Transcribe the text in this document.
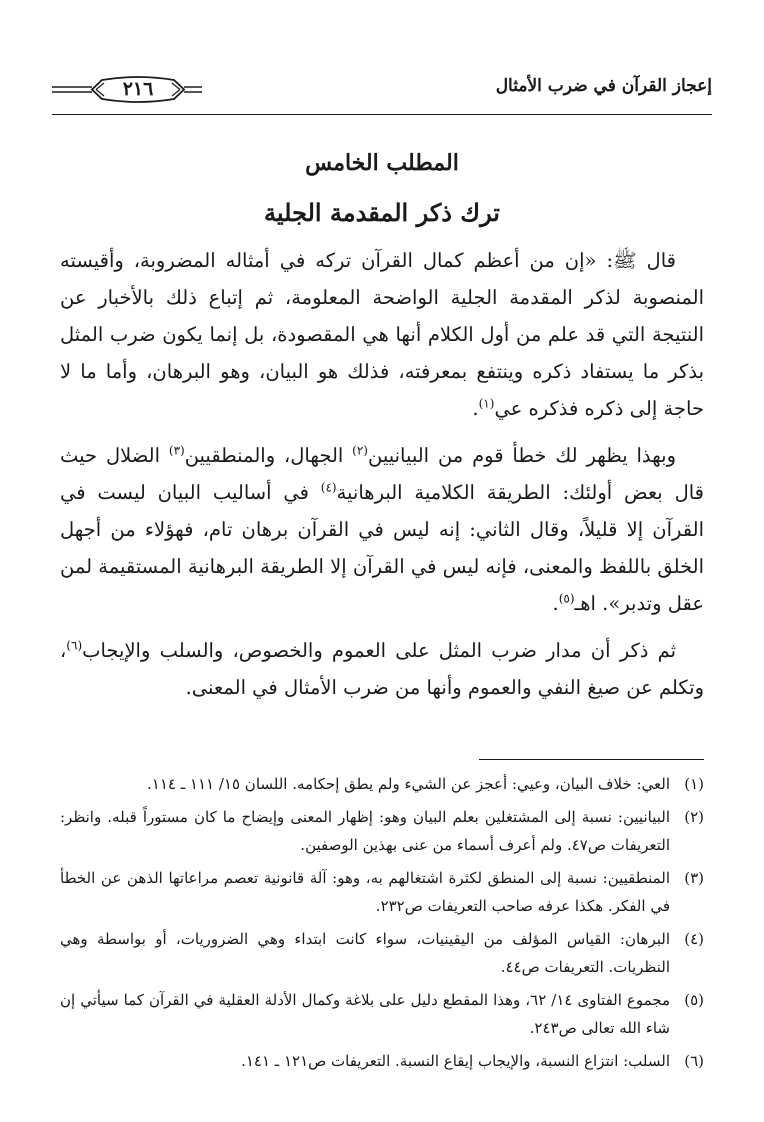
إعجاز القرآن في ضرب الأمثال
٢١٦
المطلب الخامس
ترك ذكر المقدمة الجلية

قال ﷺ: «إن من أعظم كمال القرآن تركه في أمثاله المضروبة، وأقيسته المنصوبة لذكر المقدمة الجلية الواضحة المعلومة، ثم إتباع ذلك بالأخبار عن النتيجة التي قد علم من أول الكلام أنها هي المقصودة، بل إنما يكون ضرب المثل بذكر ما يستفاد ذكره وينتفع بمعرفته، فذلك هو البيان، وهو البرهان، وأما ما لا حاجة إلى ذكره فذكره عي$^{(١)}$.

وبهذا يظهر لك خطأ قوم من البيانيين$^{(٢)}$ الجهال، والمنطقيين$^{(٣)}$ الضلال حيث قال بعض أولئك: الطريقة الكلامية البرهانية$^{(٤)}$ في أساليب البيان ليست في القرآن إلا قليلاً، وقال الثاني: إنه ليس في القرآن برهان تام، فهؤلاء من أجهل الخلق باللفظ والمعنى، فإنه ليس في القرآن إلا الطريقة البرهانية المستقيمة لمن عقل وتدبر». اهـ$^{(٥)}$.

ثم ذكر أن مدار ضرب المثل على العموم والخصوص، والسلب والإيجاب$^{(٦)}$، وتكلم عن صيغ النفي والعموم وأنها من ضرب الأمثال في المعنى.

(١)
العي: خلاف البيان، وعيي: أعجز عن الشيء ولم يطق إحكامه. اللسان ١٥/ ١١١ ـ ١١٤.
(٢)
البيانيين: نسبة إلى المشتغلين بعلم البيان وهو: إظهار المعنى وإيضاح ما كان مستوراً قبله. وانظر: التعريفات ص٤٧. ولم أعرف أسماء من عنى بهذين الوصفين.
(٣)
المنطقيين: نسبة إلى المنطق لكثرة اشتغالهم به، وهو: آلة قانونية تعصم مراعاتها الذهن عن الخطأ في الفكر. هكذا عرفه صاحب التعريفات ص٢٣٢.
(٤)
البرهان: القياس المؤلف من اليقينيات، سواء كانت ابتداء وهي الضروريات، أو بواسطة وهي النظريات. التعريفات ص٤٤.
(٥)
مجموع الفتاوى ١٤/ ٦٢، وهذا المقطع دليل على بلاغة وكمال الأدلة العقلية في القرآن كما سيأتي إن شاء الله تعالى ص٢٤٣.
(٦)
السلب: انتزاع النسبة، والإيجاب إيقاع النسبة. التعريفات ص١٢١ ـ ١٤١.
